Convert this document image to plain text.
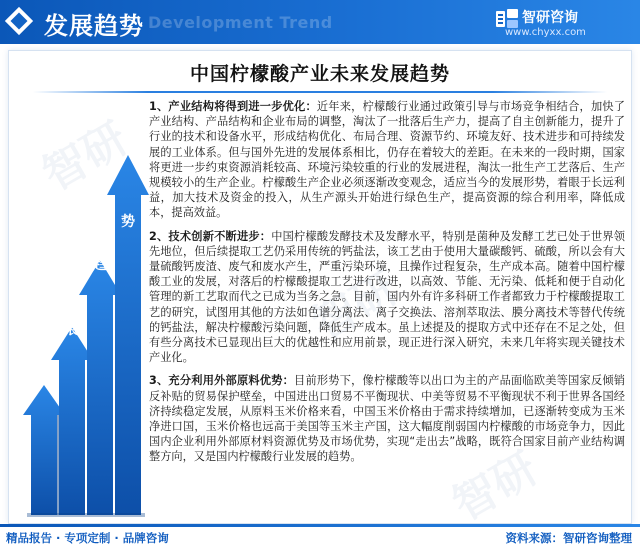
发展趋势 Development Trend	智研咨询
www.chyxx.com
中国柠檬酸产业未来发展趋势
智研
智研
智研
发
展
趋
势

1、产业结构将得到进一步优化：近年来，柠檬酸行业通过政策引导与市场竞争相结合，加快了产业结构、产品结构和企业布局的调整，淘汰了一批落后生产力，提高了自主创新能力，提升了行业的技术和设备水平，形成结构优化、布局合理、资源节约、环境友好、技术进步和可持续发展的工业体系。但与国外先进的发展体系相比，仍存在着较大的差距。在未来的一段时期，国家将更进一步约束资源消耗较高、环境污染较重的行业的发展进程，淘汰一批生产工艺落后、生产规模较小的生产企业。柠檬酸生产企业必须逐渐改变观念，适应当今的发展形势，着眼于长远利益，加大技术及资金的投入，从生产源头开始进行绿色生产，提高资源的综合利用率，降低成本，提高效益。

2、技术创新不断进步：中国柠檬酸发酵技术及发酵水平，特别是菌种及发酵工艺已处于世界领先地位，但后续提取工艺仍采用传统的钙盐法，该工艺由于使用大量碳酸钙、硫酸，所以会有大量硫酸钙废渣、废气和废水产生，严重污染环境，且操作过程复杂，生产成本高。随着中国柠檬酸工业的发展，对落后的柠檬酸提取工艺进行改进，以高效、节能、无污染、低耗和便于自动化管理的新工艺取而代之已成为当务之急。目前，国内外有许多科研工作者都致力于柠檬酸提取工艺的研究，试图用其他的方法如色谱分离法、离子交换法、溶剂萃取法、膜分离技术等替代传统的钙盐法，解决柠檬酸污染问题，降低生产成本。虽上述提及的提取方式中还存在不足之处，但有些分离技术已显现出巨大的优越性和应用前景，现正进行深入研究，未来几年将实现关键技术产业化。

3、充分利用外部原料优势：目前形势下，像柠檬酸等以出口为主的产品面临欧美等国家反倾销反补贴的贸易保护壁垒，中国进出口贸易不平衡现状、中美等贸易不平衡现状不利于世界各国经济持续稳定发展，从原料玉米价格来看，中国玉米价格由于需求持续增加，已逐渐转变成为玉米净进口国，玉米价格也远高于美国等玉米主产国，这大幅度削弱国内柠檬酸的市场竞争力，因此国内企业利用外部原材料资源优势及市场优势，实现“走出去”战略，既符合国家目前产业结构调整方向，又是国内柠檬酸行业发展的趋势。

精品报告 · 专项定制 · 品牌咨询	资料来源：智研咨询整理
